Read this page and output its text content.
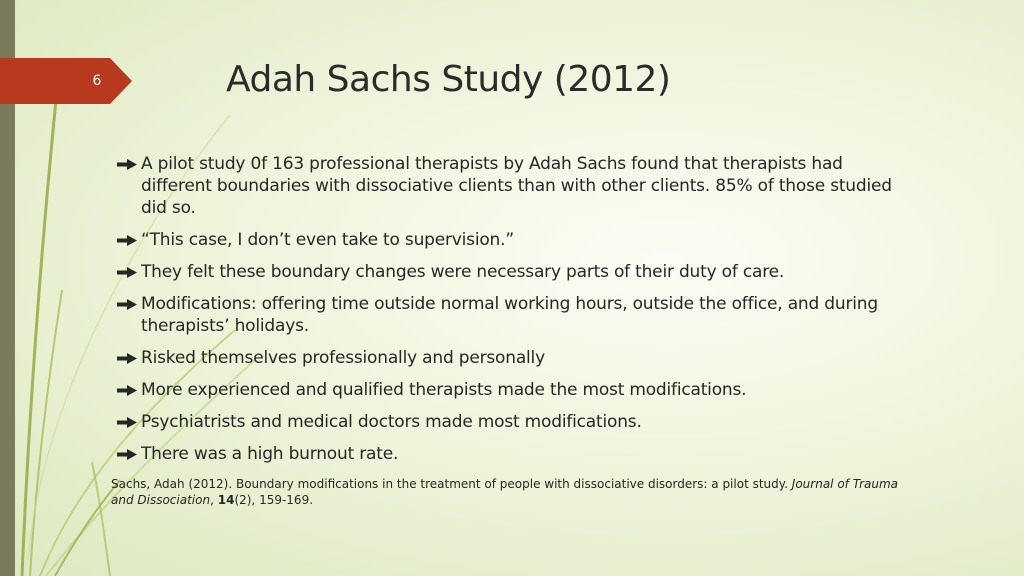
6	Adah Sachs Study (2012)
A pilot study 0f 163 professional therapists by Adah Sachs found that therapists had different boundaries with dissociative clients than with other clients. 85% of those studied did so.
“This case, I don’t even take to supervision.”
They felt these boundary changes were necessary parts of their duty of care.
Modifications: offering time outside normal working hours, outside the office, and during therapists’ holidays.
Risked themselves professionally and personally
More experienced and qualified therapists made the most modifications.
Psychiatrists and medical doctors made most modifications.
There was a high burnout rate.

Sachs, Adah (2012). Boundary modifications in the treatment of people with dissociative disorders: a pilot study. Journal of Trauma and Dissociation, 14(2), 159-169.
